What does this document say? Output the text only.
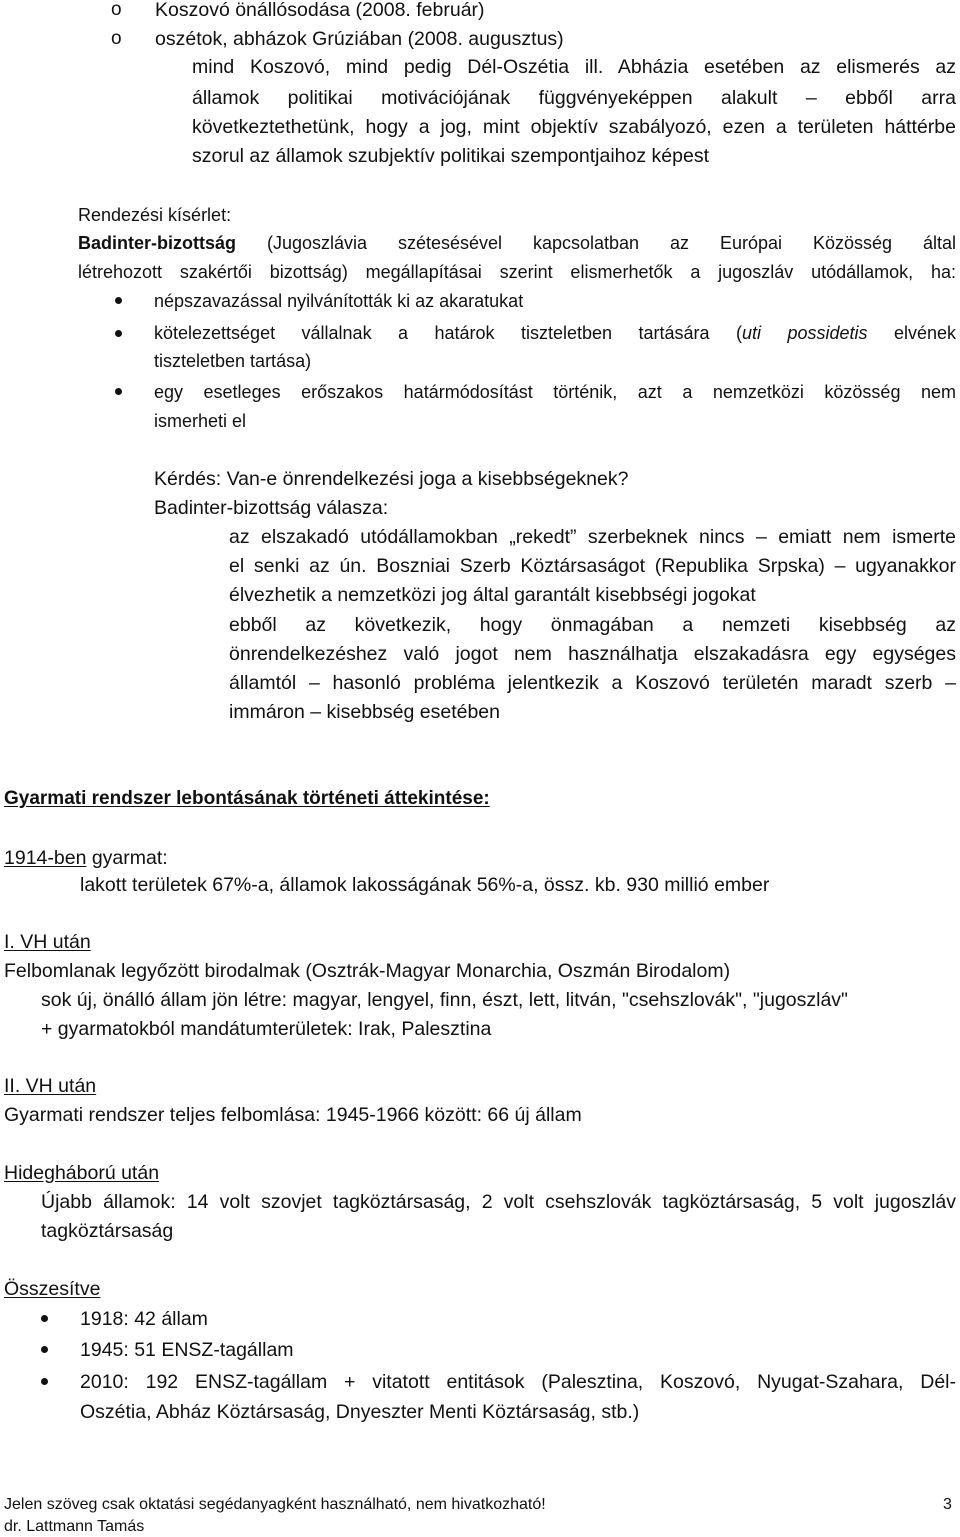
o Koszovó önállósodása (2008. február)
o oszétok, abházok Grúziában (2008. augusztus)
mind Koszovó, mind pedig Dél-Oszétia ill. Abházia esetében az elismerés az
államok politikai motivációjának függvényeképpen alakult – ebből arra
következtethetünk, hogy a jog, mint objektív szabályozó, ezen a területen háttérbe
szorul az államok szubjektív politikai szempontjaihoz képest
Rendezési kísérlet:
Badinter-bizottság (Jugoszlávia szétesésével kapcsolatban az Európai Közösség által
létrehozott szakértői bizottság) megállapításai szerint elismerhetők a jugoszláv utódállamok, ha:
népszavazással nyilvánították ki az akaratukat
kötelezettséget vállalnak a határok tiszteletben tartására (uti possidetis elvének
tiszteletben tartása)
egy esetleges erőszakos határmódosítást történik, azt a nemzetközi közösség nem
ismerheti el
Kérdés: Van-e önrendelkezési joga a kisebbségeknek?
Badinter-bizottság válasza:
az elszakadó utódállamokban „rekedt” szerbeknek nincs – emiatt nem ismerte
el senki az ún. Boszniai Szerb Köztársaságot (Republika Srpska) – ugyanakkor
élvezhetik a nemzetközi jog által garantált kisebbségi jogokat
ebből az következik, hogy önmagában a nemzeti kisebbség az
önrendelkezéshez való jogot nem használhatja elszakadásra egy egységes
államtól – hasonló probléma jelentkezik a Koszovó területén maradt szerb –
immáron – kisebbség esetében
Gyarmati rendszer lebontásának történeti áttekintése:
1914-ben gyarmat:
lakott területek 67%-a, államok lakosságának 56%-a, össz. kb. 930 millió ember
I. VH után
Felbomlanak legyőzött birodalmak (Osztrák-Magyar Monarchia, Oszmán Birodalom)
sok új, önálló állam jön létre: magyar, lengyel, finn, észt, lett, litván, "csehszlovák", "jugoszláv"
+ gyarmatokból mandátumterületek: Irak, Palesztina
II. VH után
Gyarmati rendszer teljes felbomlása: 1945-1966 között: 66 új állam
Hidegháború után
Újabb államok: 14 volt szovjet tagköztársaság, 2 volt csehszlovák tagköztársaság, 5 volt jugoszláv
tagköztársaság
Összesítve
1918: 42 állam
1945: 51 ENSZ-tagállam
2010: 192 ENSZ-tagállam + vitatott entitások (Palesztina, Koszovó, Nyugat-Szahara, Dél-
Oszétia, Abház Köztársaság, Dnyeszter Menti Köztársaság, stb.)
Jelen szöveg csak oktatási segédanyagként használható, nem hivatkozható!	3
dr. Lattmann Tamás
